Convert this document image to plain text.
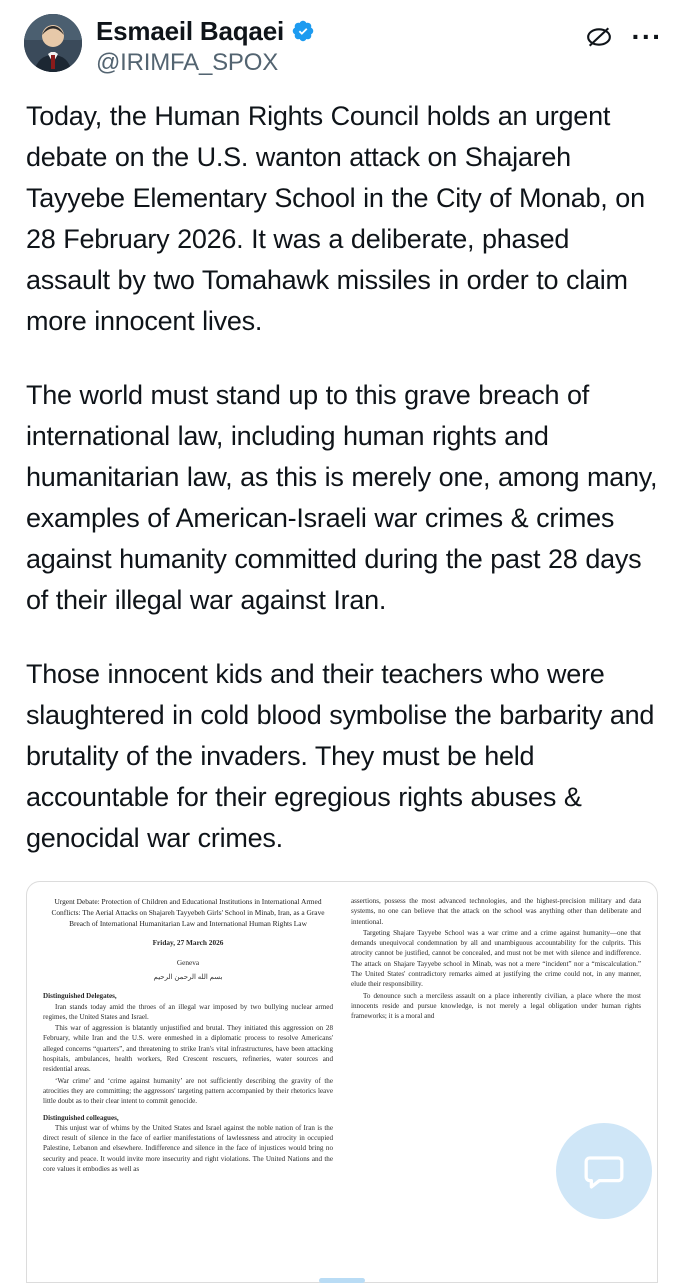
Esmaeil Baqaei
@IRIMFA_SPOX
···

Today, the Human Rights Council holds an urgent debate on the U.S. wanton attack on Shajareh Tayyebe Elementary School in the City of Monab, on 28 February 2026. It was a deliberate, phased assault by two Tomahawk missiles in order to claim more innocent lives.

The world must stand up to this grave breach of international law, including human rights and humanitarian law, as this is merely one, among many, examples of American-Israeli war crimes & crimes against humanity committed during the past 28 days of their illegal war against Iran.

Those innocent kids and their teachers who were slaughtered in cold blood symbolise the barbarity and brutality of the invaders. They must be held accountable for their egregious rights abuses & genocidal war crimes.

Urgent Debate: Protection of Children and Educational Institutions in International Armed Conflicts: The Aerial Attacks on Shajareh Tayyebeh Girls' School in Minab, Iran, as a Grave Breach of International Humanitarian Law and International Human Rights Law
Friday, 27 March 2026
Geneva
بسم الله الرحمن الرحيم
Distinguished Delegates,

Iran stands today amid the throes of an illegal war imposed by two bullying nuclear armed regimes, the United States and Israel.

This war of aggression is blatantly unjustified and brutal. They initiated this aggression on 28 February, while Iran and the U.S. were enmeshed in a diplomatic process to resolve Americans' alleged concerns “quarters”, and threatening to strike Iran's vital infrastructures, have been attacking hospitals, ambulances, health workers, Red Crescent rescuers, refineries, water sources and residential areas.

‘War crime’ and ‘crime against humanity’ are not sufficiently describing the gravity of the atrocities they are committing; the aggressors' targeting pattern accompanied by their rhetorics leave little doubt as to their clear intent to commit genocide.

Distinguished colleagues,

This unjust war of whims by the United States and Israel against the noble nation of Iran is the direct result of silence in the face of earlier manifestations of lawlessness and atrocity in occupied Palestine, Lebanon and elsewhere. Indifference and silence in the face of injustices would bring no security and peace. It would invite more insecurity and right violations. The United Nations and the core values it embodies as well as

assertions, possess the most advanced technologies, and the highest-precision military and data systems, no one can believe that the attack on the school was anything other than deliberate and intentional.

Targeting Shajare Tayyebe School was a war crime and a crime against humanity—one that demands unequivocal condemnation by all and unambiguous accountability for the culprits. This atrocity cannot be justified, cannot be concealed, and must not be met with silence and indifference. The attack on Shajare Tayyebe school in Minab, was not a mere “incident” nor a “miscalculation.” The United States' contradictory remarks aimed at justifying the crime could not, in any manner, elude their responsibility.

To denounce such a merciless assault on a place inherently civilian, a place where the most innocents reside and pursue knowledge, is not merely a legal obligation under human rights frameworks; it is a moral and
